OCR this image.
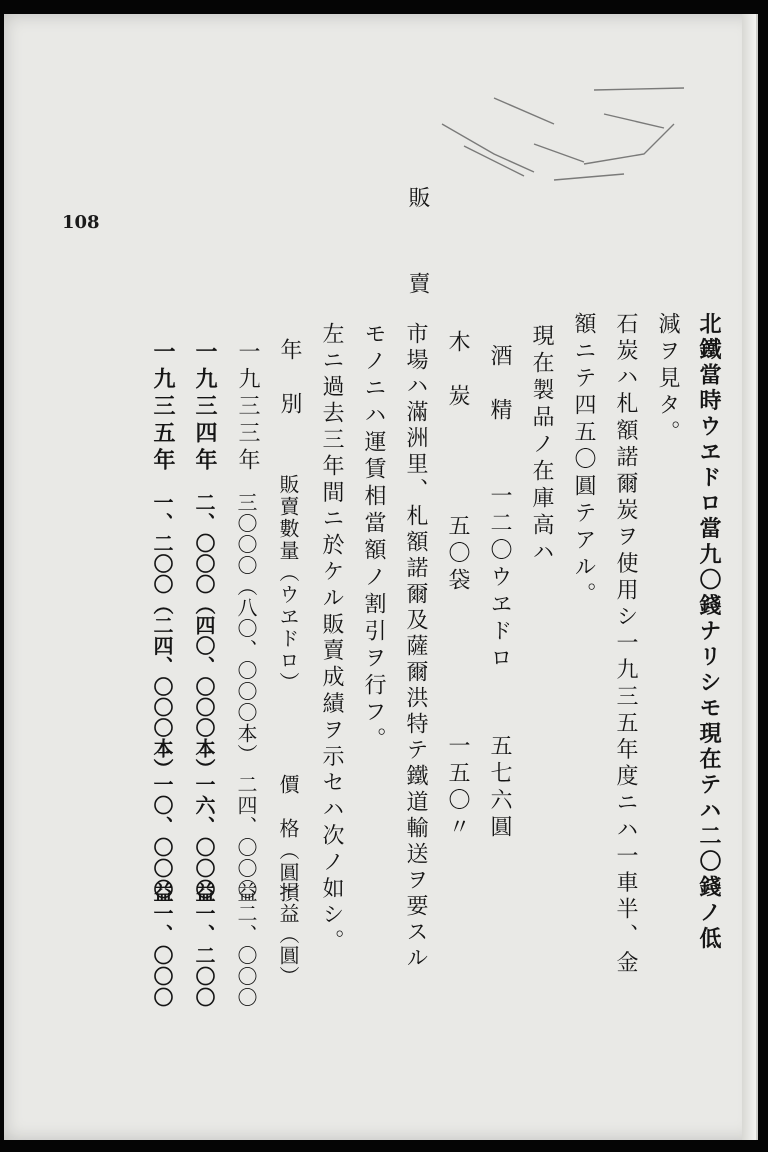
108
販
賣
北鐵當時ウヱドロ當九〇錢ナリシモ現在テハ二〇錢ノ低
減ヲ見タ。
石炭ハ札額諾爾炭ヲ使用シ一九三五年度ニハ一車半、金
額ニテ四五〇圓テアル。
現在製品ノ在庫高ハ
酒　精
一二〇ウヱドロ
五七六圓
木　炭
五〇袋
一五〇〃
市場ハ滿洲里、札額諾爾及薩爾洪特テ鐵道輸送ヲ要スル
モノニハ運賃相當額ノ割引ヲ行フ。
左ニ過去三年間ニ於ケル販賣成績ヲ示セハ次ノ如シ。
年　別
販賣數量（ウヱドロ）
價　格（圓）
損益（圓）
一九三三年
三〇〇〇（八〇、〇〇〇本）
二四、〇〇〇
益二、〇〇〇
一九三四年
二、〇〇〇（四〇、〇〇〇本）
一六、〇〇〇
益一、二〇〇
一九三五年
一、二〇〇（二四、〇〇〇本）
一〇、〇〇〇
益一、〇〇〇
